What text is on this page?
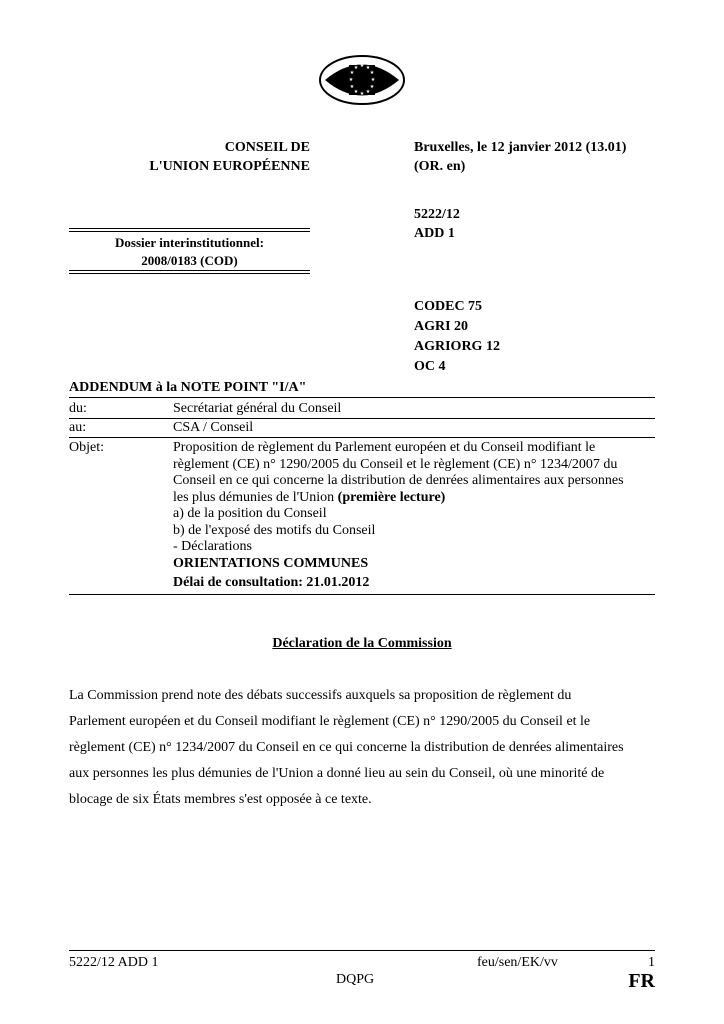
★ ★
★
★
★
★
★
★
★
★
★
★
CONSEIL DE
L'UNION EUROPÉENNE
Bruxelles, le 12 janvier 2012 (13.01)
(OR. en)
5222/12
ADD 1
Dossier interinstitutionnel:
2008/0183 (COD)
CODEC 75
AGRI 20
AGRIORG 12
OC 4
ADDENDUM à la NOTE POINT "I/A"
du:	Secrétariat général du Conseil
au:	CSA / Conseil
Objet:	Proposition de règlement du Parlement européen et du Conseil modifiant le
règlement (CE) n° 1290/2005 du Conseil et le règlement (CE) n° 1234/2007 du
Conseil en ce qui concerne la distribution de denrées alimentaires aux personnes
les plus démunies de l'Union (première lecture)
a) de la position du Conseil
b) de l'exposé des motifs du Conseil
- Déclarations
ORIENTATIONS COMMUNES
Délai de consultation: 21.01.2012
Déclaration de la Commission
La Commission prend note des débats successifs auxquels sa proposition de règlement du
Parlement européen et du Conseil modifiant le règlement (CE) n° 1290/2005 du Conseil et le
règlement (CE) n° 1234/2007 du Conseil en ce qui concerne la distribution de denrées alimentaires
aux personnes les plus démunies de l'Union a donné lieu au sein du Conseil, où une minorité de
blocage de six États membres s'est opposée à ce texte.
5222/12 ADD 1	feu/sen/EK/vv	1
DQPG	FR
